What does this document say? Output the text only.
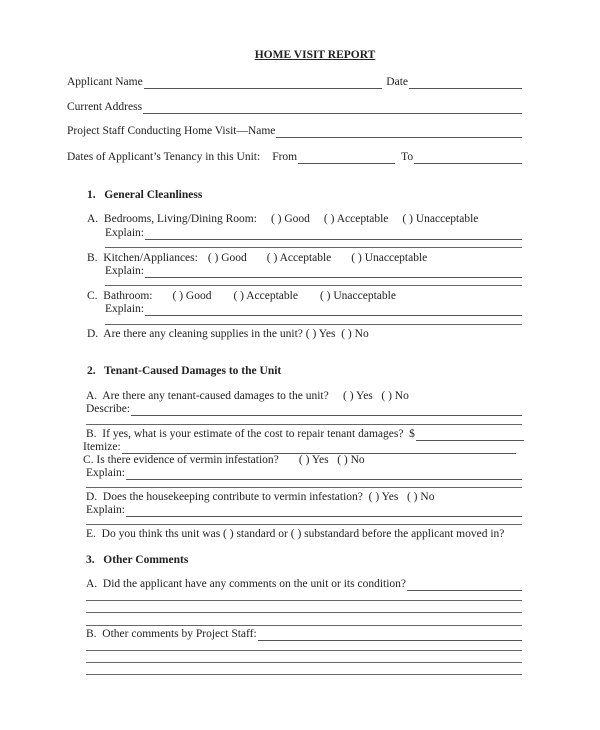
HOME VISIT REPORT
Applicant Name	Date
Current Address
Project Staff Conducting Home Visit—Name
Dates of Applicant’s Tenancy in this Unit: From	To
1.   General Cleanliness
A.  Bedrooms, Living/Dining Room: ( ) Good ( ) Acceptable ( ) Unacceptable
Explain:
B.  Kitchen/Appliances: ( ) Good ( ) Acceptable ( ) Unacceptable
Explain:
C.  Bathroom: ( ) Good ( ) Acceptable ( ) Unacceptable
Explain:
D.  Are there any cleaning supplies in the unit? ( ) Yes  ( ) No
2.   Tenant-Caused Damages to the Unit
A.  Are there any tenant-caused damages to the unit?     ( ) Yes   ( ) No
Describe:
B.  If yes, what is your estimate of the cost to repair tenant damages?  $
Itemize:
C. Is there evidence of vermin infestation?       ( ) Yes   ( ) No
Explain:
D.  Does the housekeeping contribute to vermin infestation?  ( ) Yes   ( ) No
Explain:
E.  Do you think ths unit was ( ) standard or ( ) substandard before the applicant moved in?
3.   Other Comments
A.  Did the applicant have any comments on the unit or its condition?
B.  Other comments by Project Staff:
